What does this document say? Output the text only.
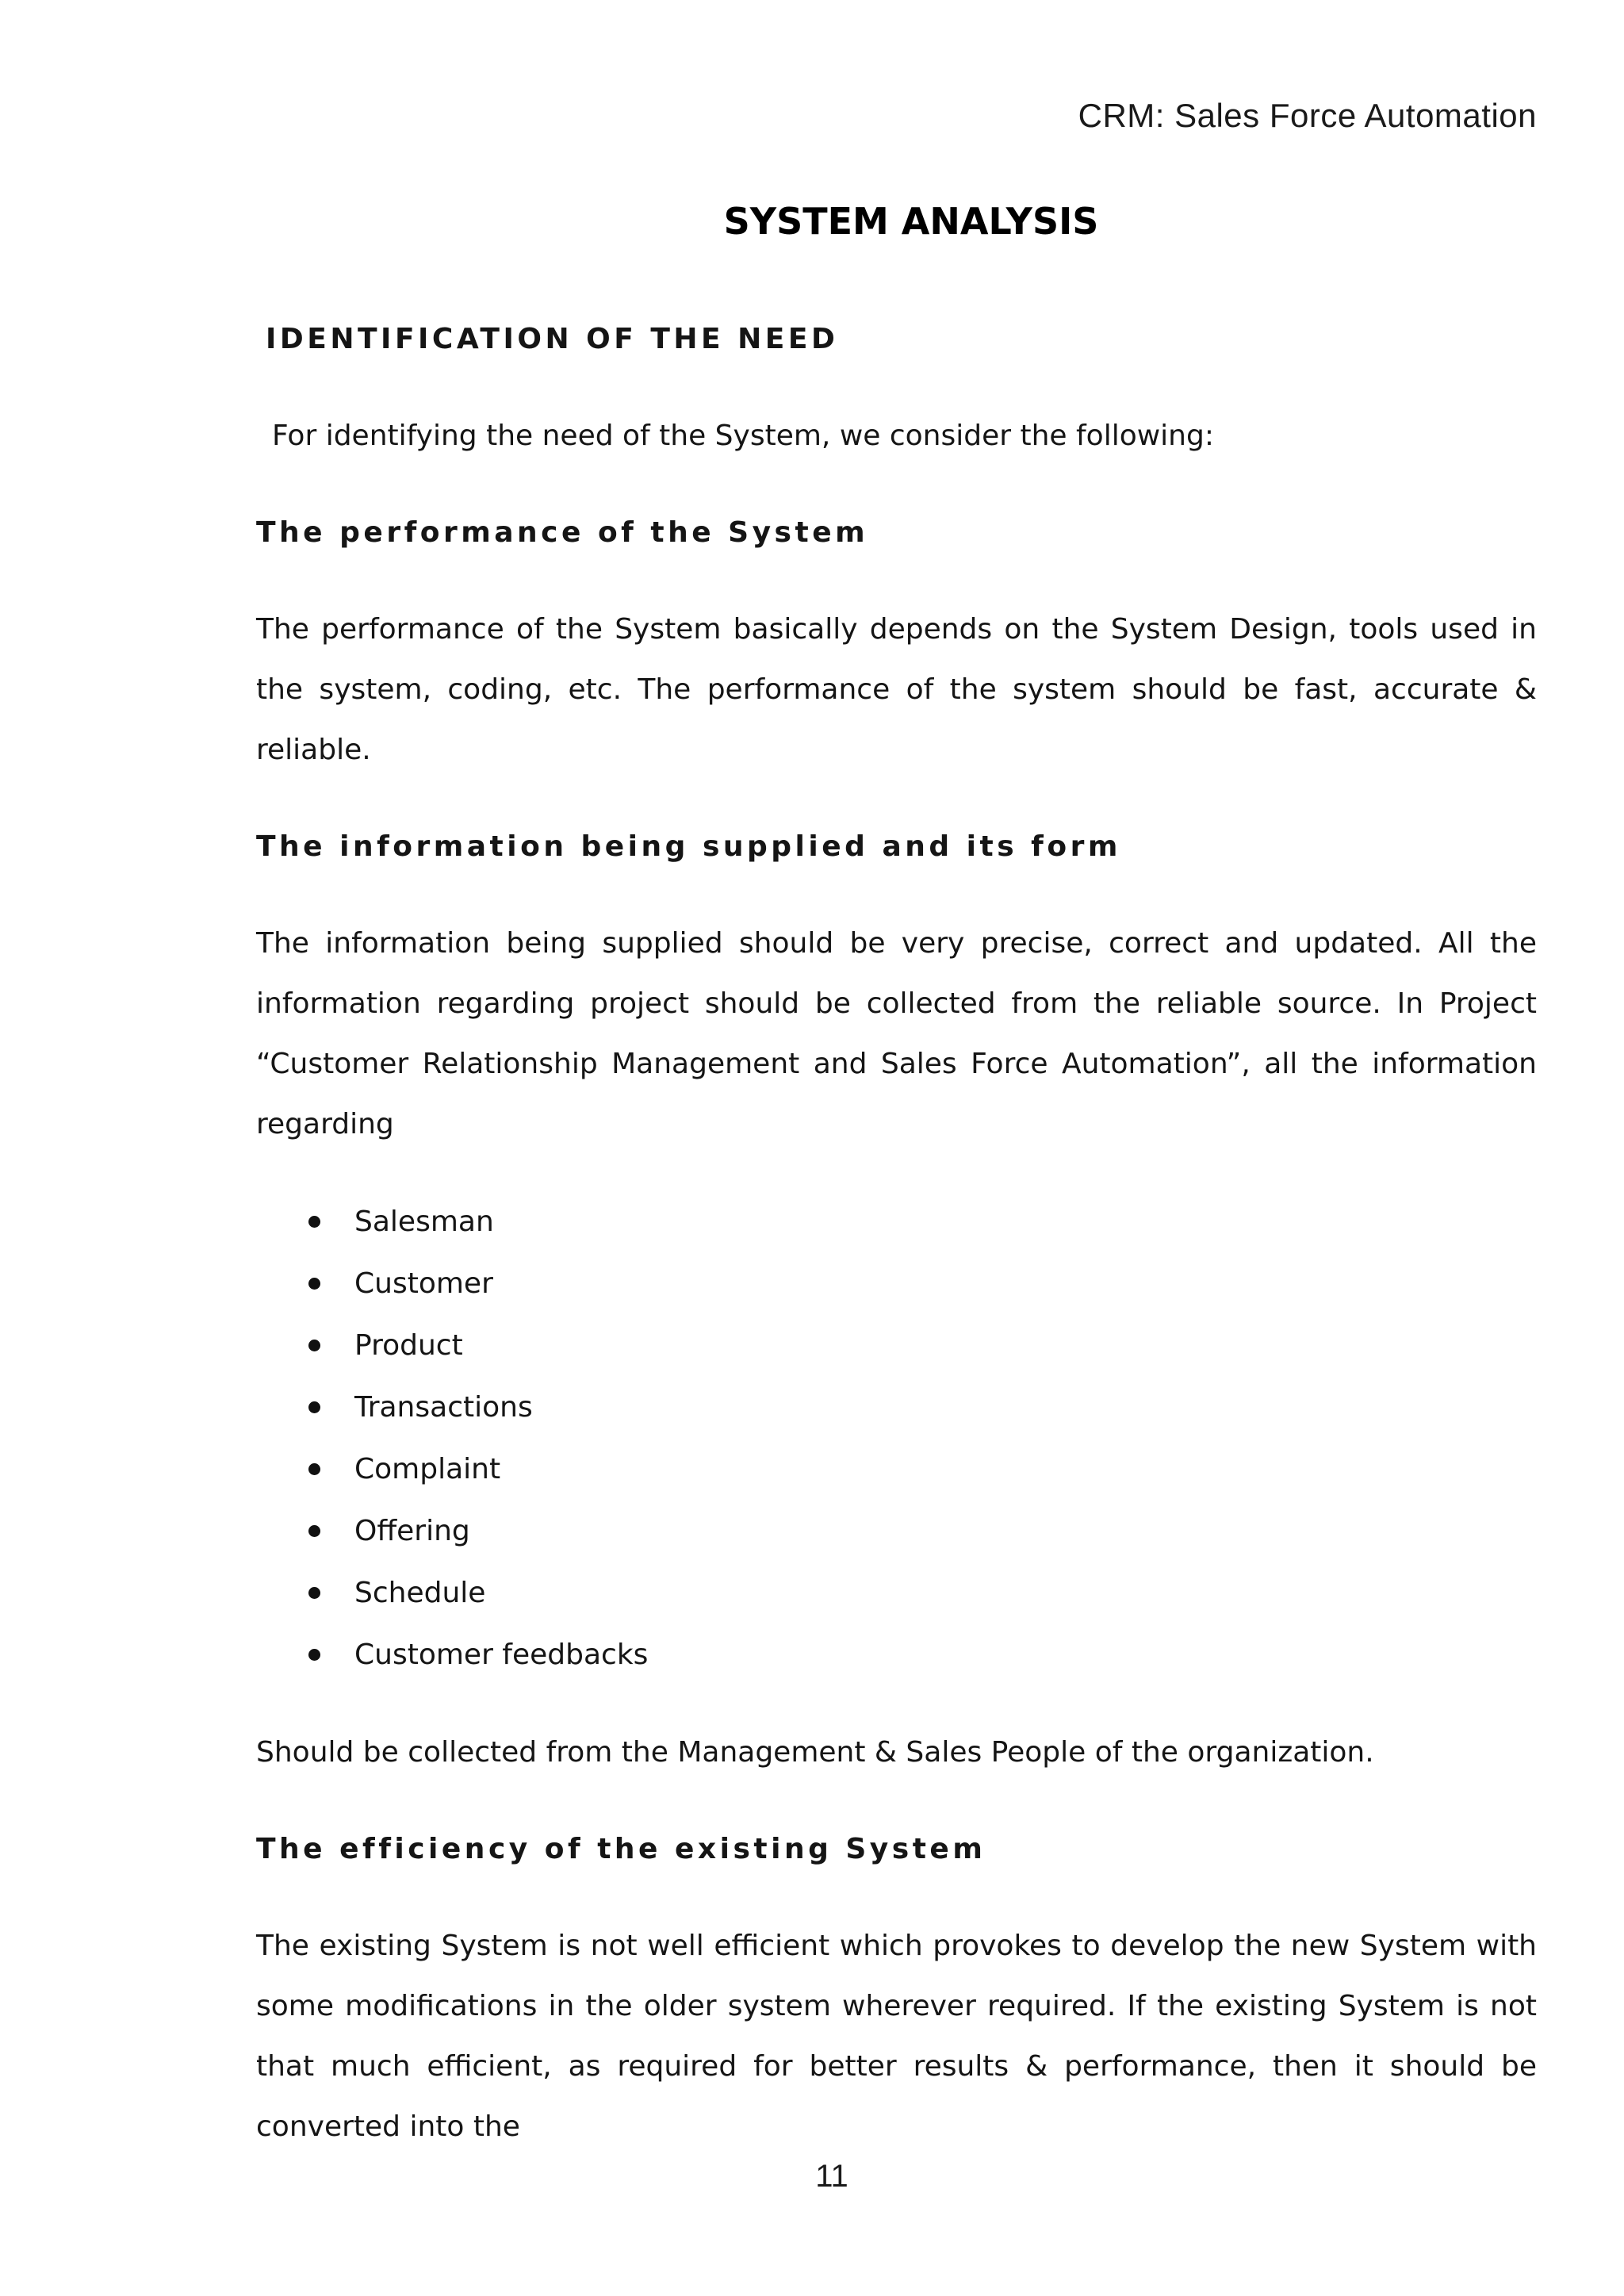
CRM: Sales Force Automation
SYSTEM ANALYSIS

IDENTIFICATION OF THE NEED

For identifying the need of the System, we consider the following:

The performance of the System

The performance of the System basically depends on the System Design, tools used in the system, coding, etc. The performance of the system should be fast, accurate & reliable.

The information being supplied and its form

The information being supplied should be very precise, correct and updated. All the information regarding project should be collected from the reliable source. In Project “Customer Relationship Management and Sales Force Automation”, all the information regarding

Salesman
Customer
Product
Transactions
Complaint
Offering
Schedule
Customer feedbacks

Should be collected from the Management & Sales People of the organization.

The efficiency of the existing System

The existing System is not well efficient which provokes to develop the new System with some modifications in the older system wherever required. If the existing System is not that much efficient, as required for better results & performance, then it should be converted into the

11
